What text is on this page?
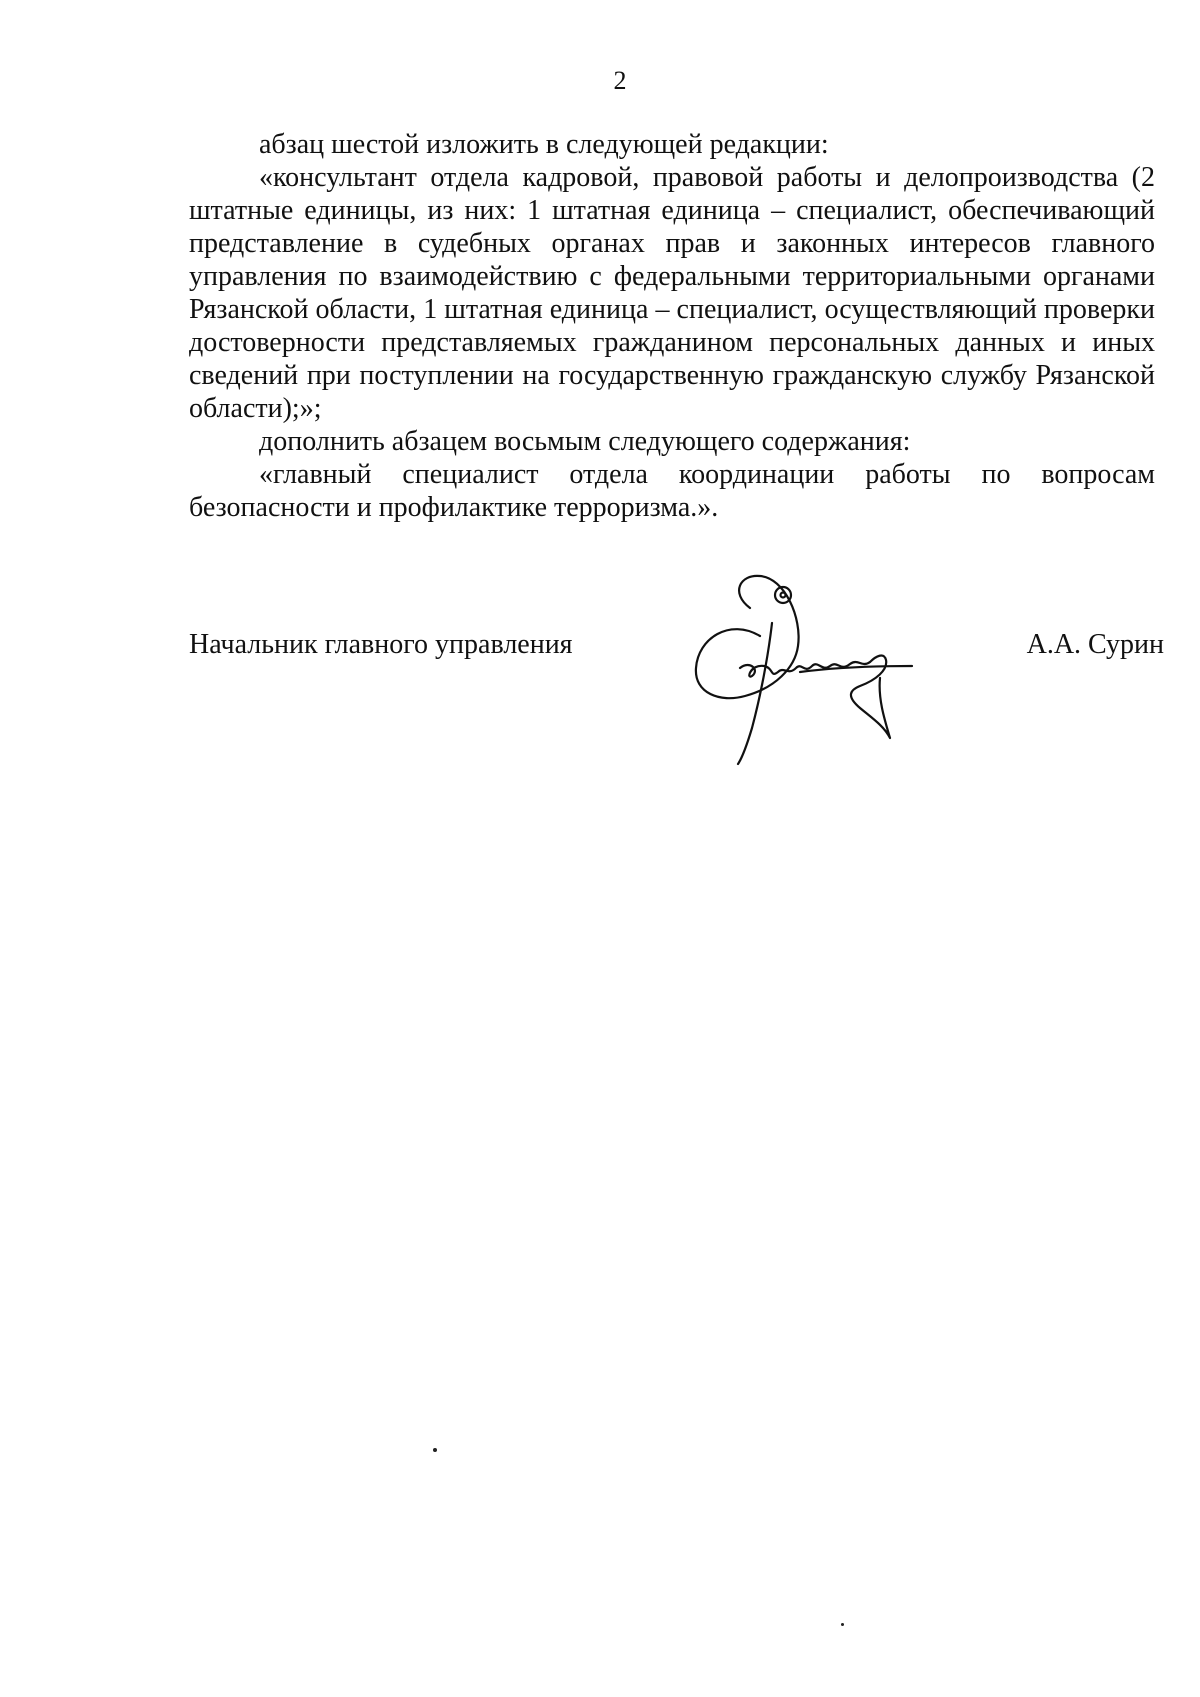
2

абзац шестой изложить в следующей редакции:

«консультант отдела кадровой, правовой работы и делопроизводства (2 штатные единицы, из них: 1 штатная единица – специалист, обеспечивающий представление в судебных органах прав и законных интересов главного управления по взаимодействию с федеральными территориальными органами Рязанской области, 1 штатная единица – специалист, осуществляющий проверки достоверности представляемых гражданином персональных данных и иных сведений при поступлении на государственную гражданскую службу Рязанской области);»;

дополнить абзацем восьмым следующего содержания:

«главный специалист отдела координации работы по вопросам безопасности и профилактике терроризма.».

Начальник главного управления	А.А. Сурин
